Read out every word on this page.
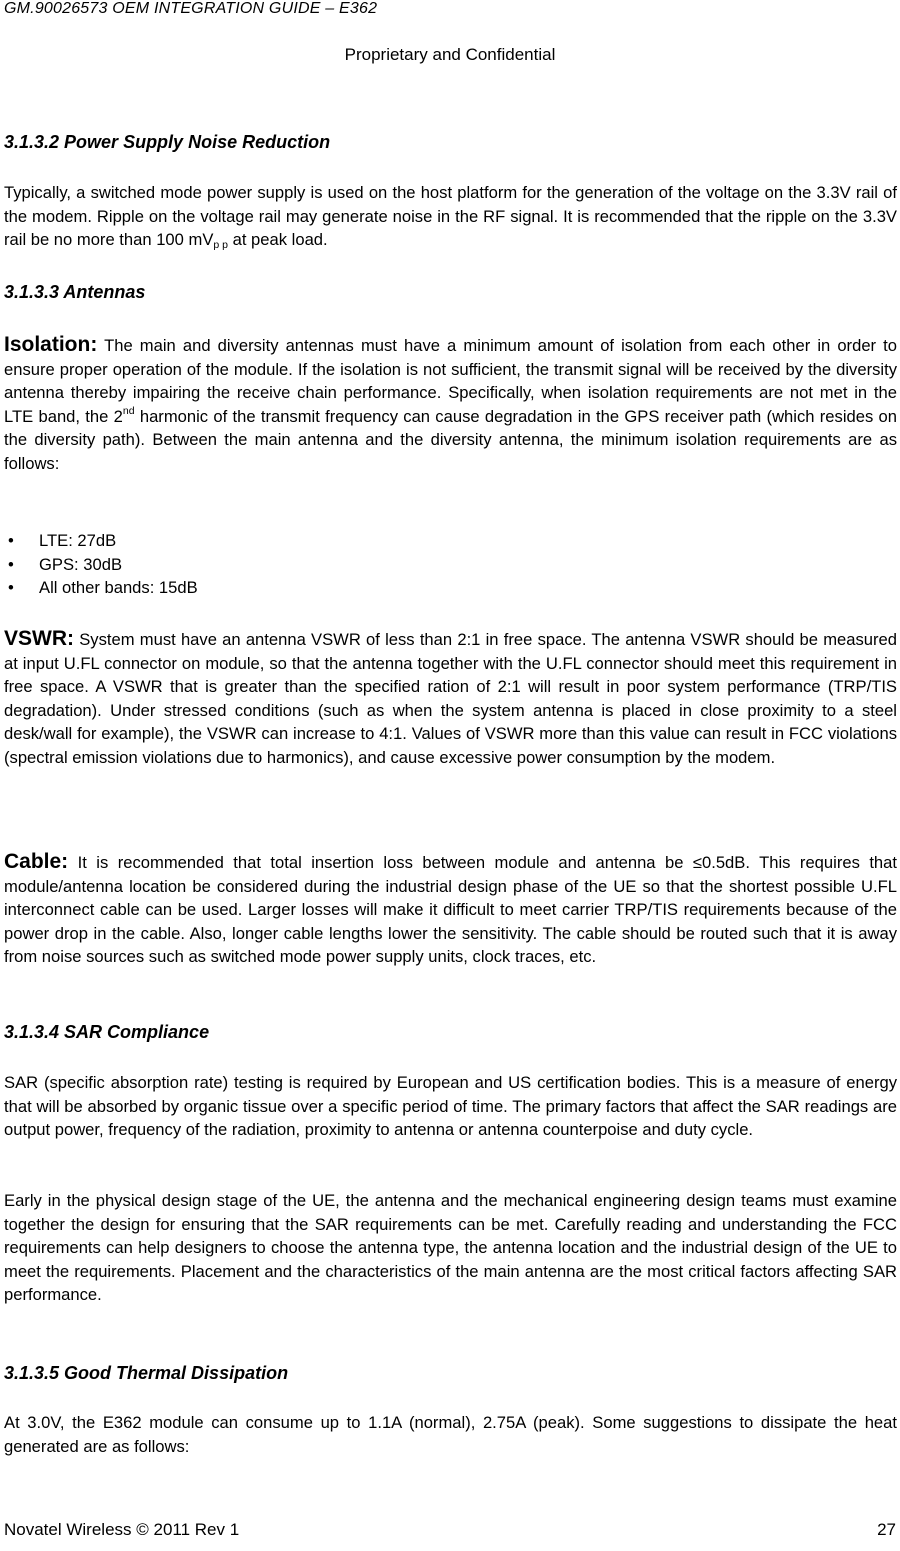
GM.90026573 OEM INTEGRATION GUIDE – E362
Proprietary and Confidential
3.1.3.2 Power Supply Noise Reduction
Typically, a switched mode power supply is used on the host platform for the generation of the voltage on the 3.3V rail of the modem. Ripple on the voltage rail may generate noise in the RF signal. It is recommended that the ripple on the 3.3V rail be no more than 100 $mV_{p p}$ at peak load.
3.1.3.3 Antennas
Isolation: The main and diversity antennas must have a minimum amount of isolation from each other in order to ensure proper operation of the module. If the isolation is not sufficient, the transmit signal will be received by the diversity antenna thereby impairing the receive chain performance. Specifically, when isolation requirements are not met in the LTE band, the 2nd harmonic of the transmit frequency can cause degradation in the GPS receiver path (which resides on the diversity path). Between the main antenna and the diversity antenna, the minimum isolation requirements are as follows:
• LTE: 27dB
• GPS: 30dB
• All other bands: 15dB
VSWR: System must have an antenna VSWR of less than 2:1 in free space. The antenna VSWR should be measured at input U.FL connector on module, so that the antenna together with the U.FL connector should meet this requirement in free space. A VSWR that is greater than the specified ration of 2:1 will result in poor system performance (TRP/TIS degradation). Under stressed conditions (such as when the system antenna is placed in close proximity to a steel desk/wall for example), the VSWR can increase to 4:1. Values of VSWR more than this value can result in FCC violations (spectral emission violations due to harmonics), and cause excessive power consumption by the modem.
Cable: It is recommended that total insertion loss between module and antenna be ≤0.5dB. This requires that module/antenna location be considered during the industrial design phase of the UE so that the shortest possible U.FL interconnect cable can be used. Larger losses will make it difficult to meet carrier TRP/TIS requirements because of the power drop in the cable. Also, longer cable lengths lower the sensitivity. The cable should be routed such that it is away from noise sources such as switched mode power supply units, clock traces, etc.
3.1.3.4 SAR Compliance
SAR (specific absorption rate) testing is required by European and US certification bodies. This is a measure of energy that will be absorbed by organic tissue over a specific period of time. The primary factors that affect the SAR readings are output power, frequency of the radiation, proximity to antenna or antenna counterpoise and duty cycle.
Early in the physical design stage of the UE, the antenna and the mechanical engineering design teams must examine together the design for ensuring that the SAR requirements can be met. Carefully reading and understanding the FCC requirements can help designers to choose the antenna type, the antenna location and the industrial design of the UE to meet the requirements. Placement and the characteristics of the main antenna are the most critical factors affecting SAR performance.
3.1.3.5 Good Thermal Dissipation
At 3.0V, the E362 module can consume up to 1.1A (normal), 2.75A (peak). Some suggestions to dissipate the heat generated are as follows:
Novatel Wireless © 2011 Rev 1	27
